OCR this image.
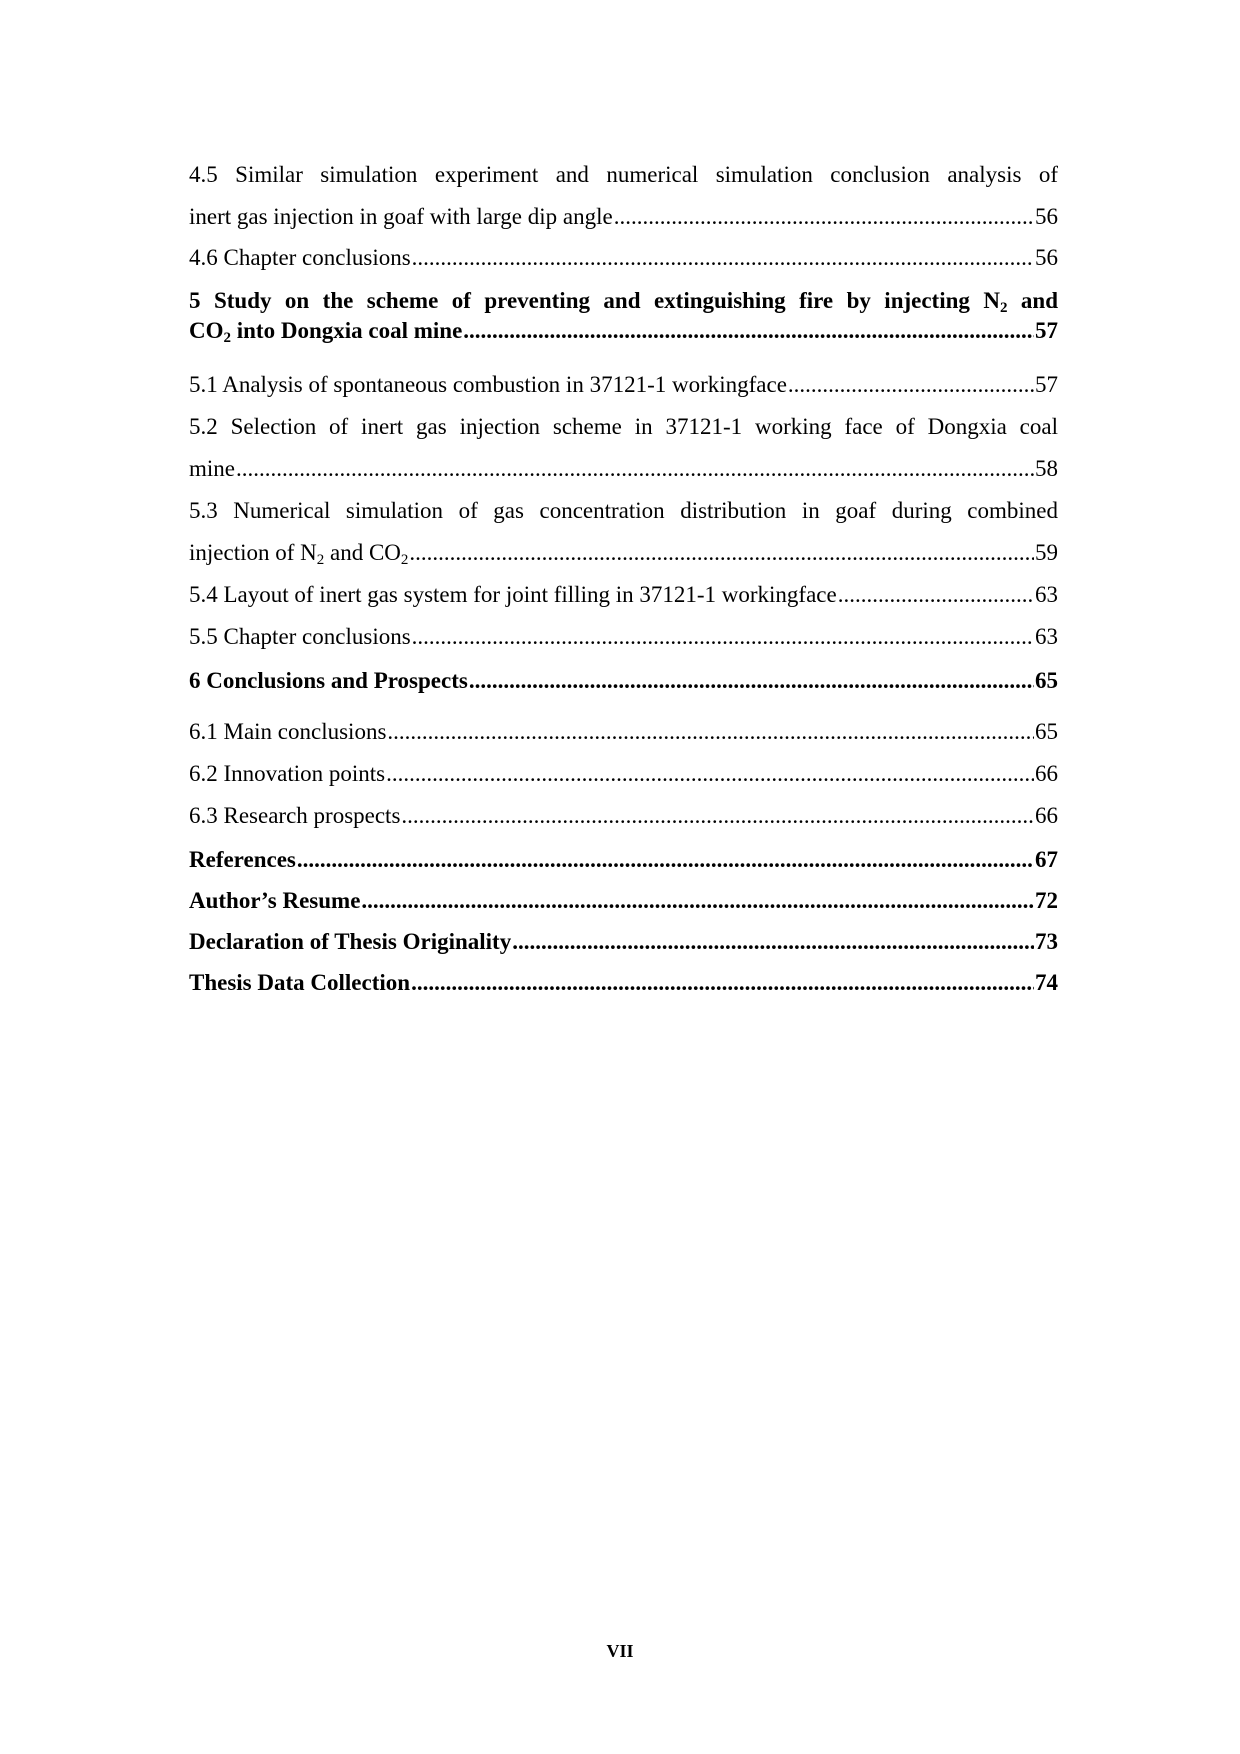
4.5 Similar simulation experiment and numerical simulation conclusion analysis of
inert gas injection in goaf with large dip angle .....	56
4.6 Chapter conclusions .....	56
5 Study on the scheme of preventing and extinguishing fire by injecting $N_2$ and
$CO_2$ into Dongxia coal mine .....	57
5.1 Analysis of spontaneous combustion in 37121-1 workingface .....	57
5.2 Selection of inert gas injection scheme in 37121-1 working face of Dongxia coal
mine .....	58
5.3 Numerical simulation of gas concentration distribution in goaf during combined
injection of $N_2$ and $CO_2$ .....	59
5.4 Layout of inert gas system for joint filling in 37121-1 workingface .....	63
5.5 Chapter conclusions .....	63
6 Conclusions and Prospects .....	65
6.1 Main conclusions .....	65
6.2 Innovation points .....	66
6.3 Research prospects .....	66
References .....	67
Author’s Resume .....	72
Declaration of Thesis Originality .....	73
Thesis Data Collection .....	74
VII
